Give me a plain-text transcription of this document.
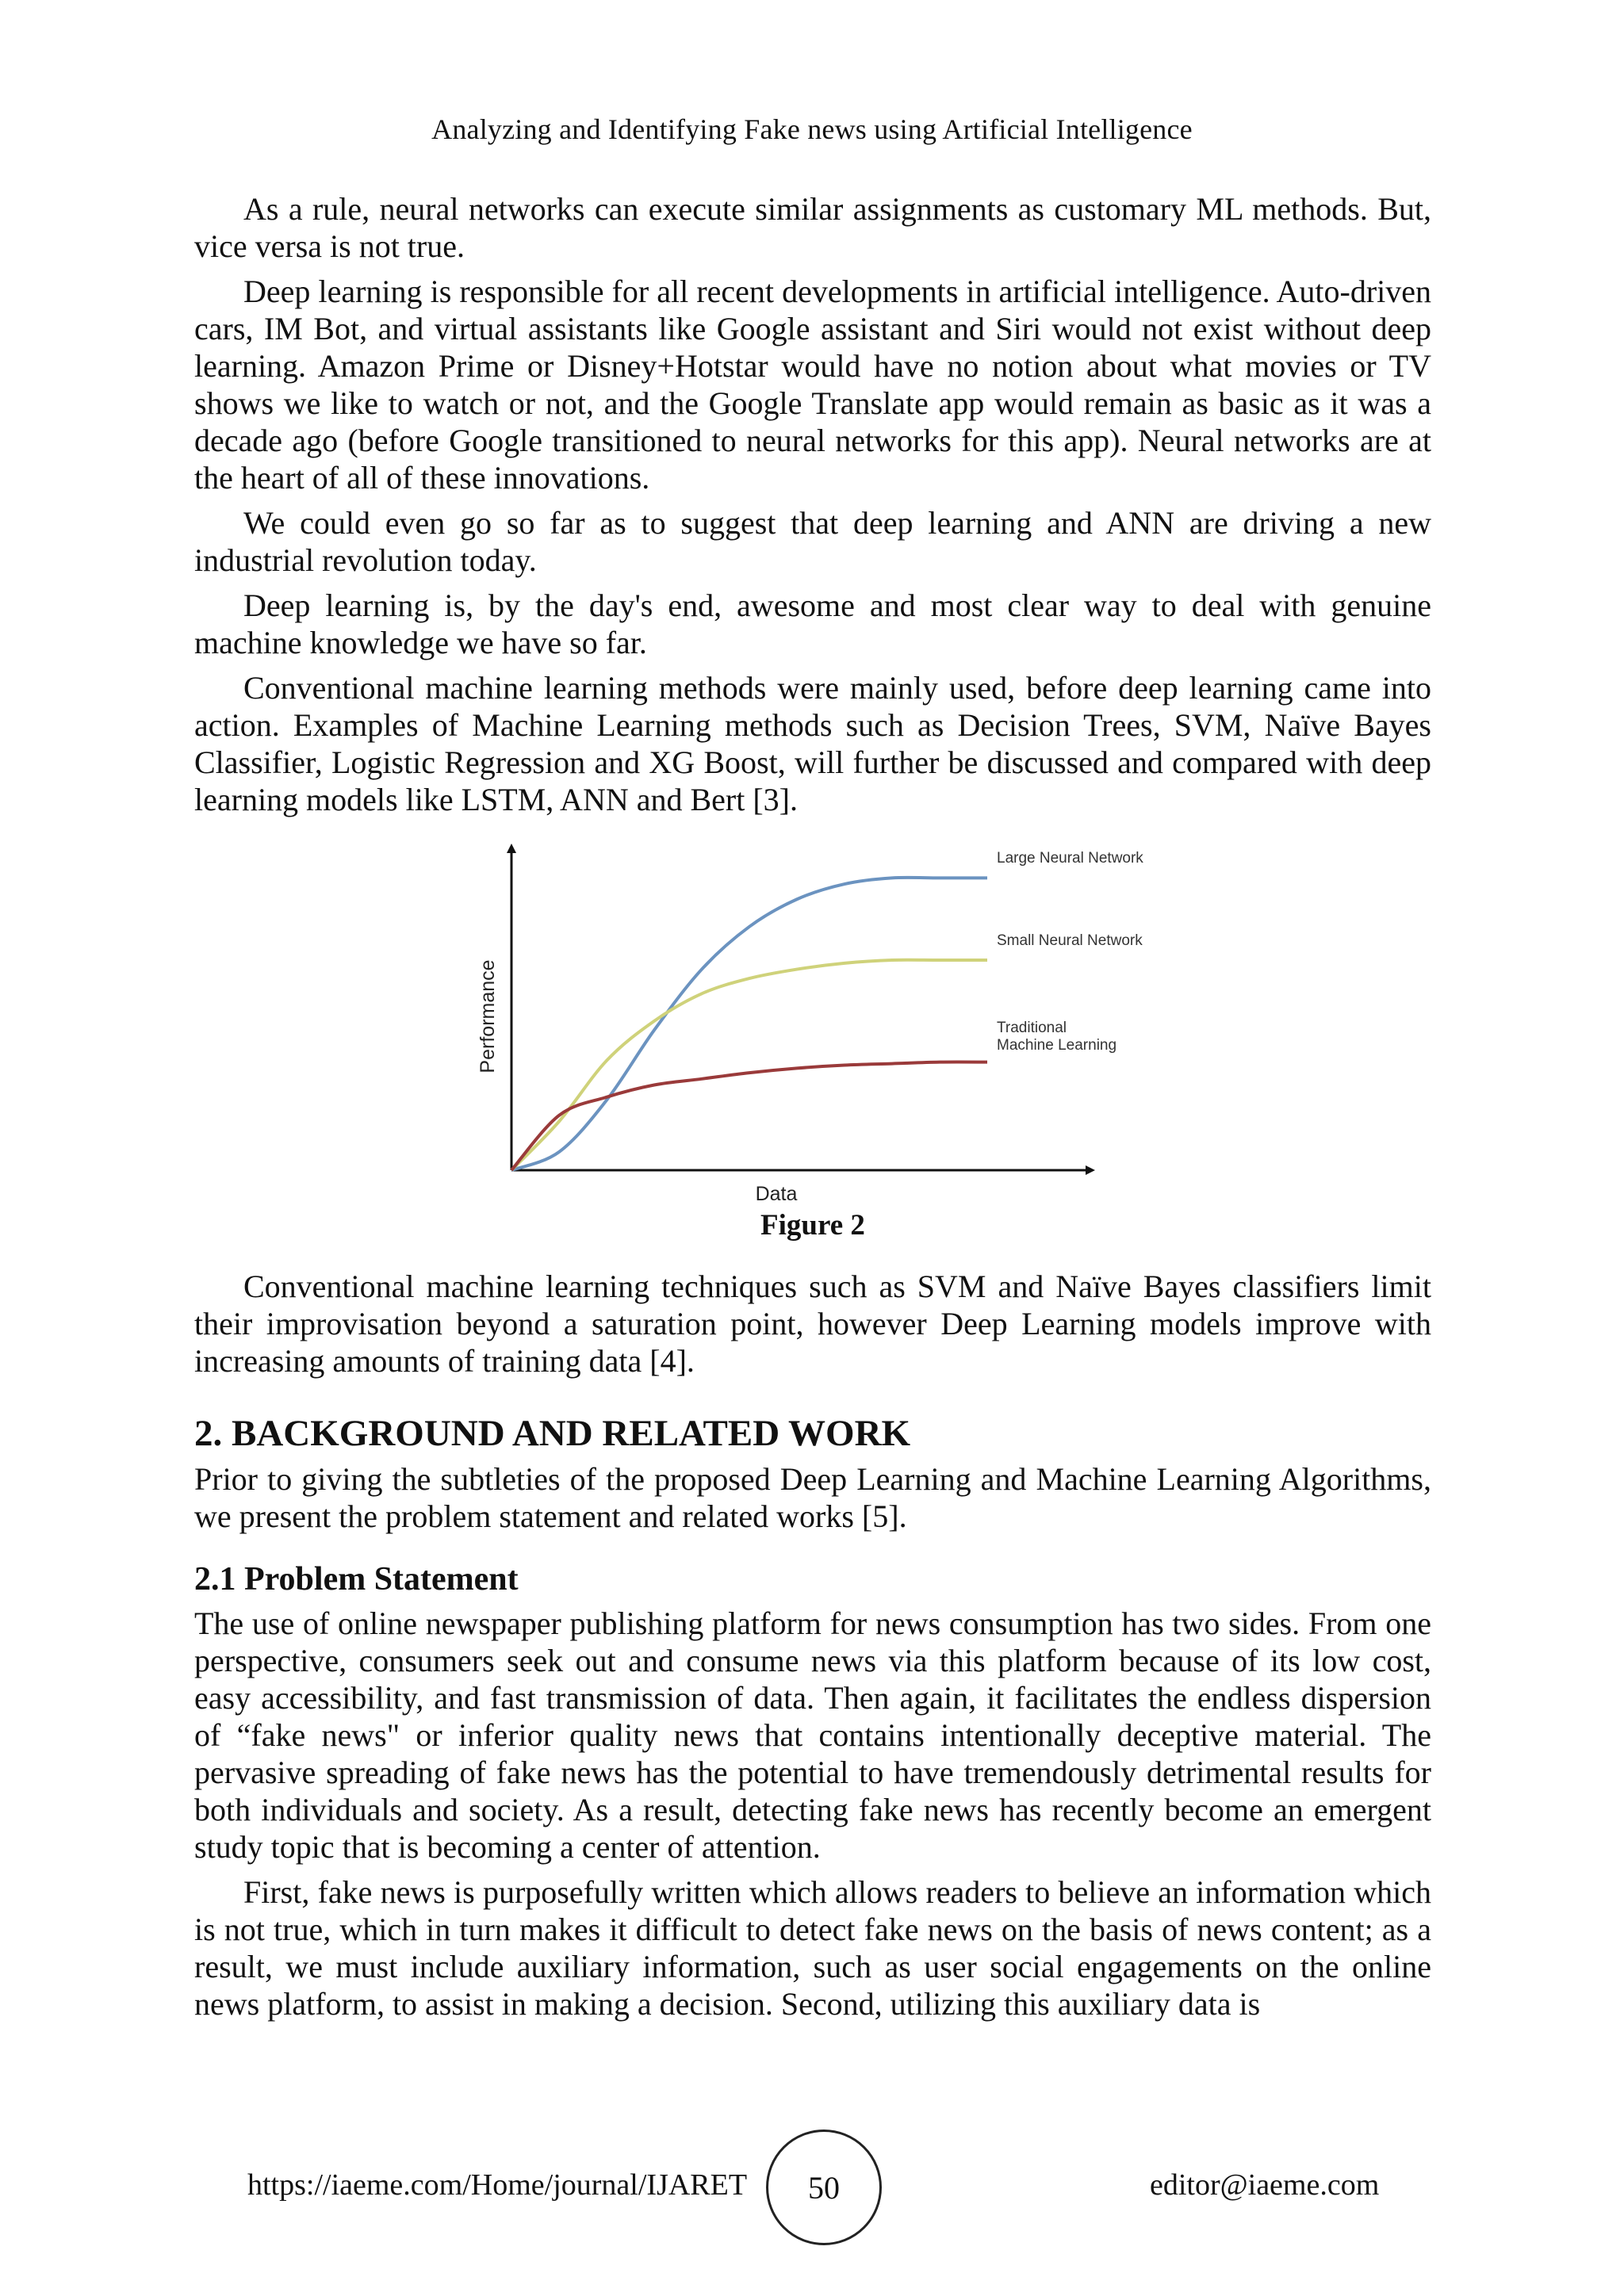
Analyzing and Identifying Fake news using Artificial Intelligence

As a rule, neural networks can execute similar assignments as customary ML methods. But, vice versa is not true.

Deep learning is responsible for all recent developments in artificial intelligence. Auto-driven cars, IM Bot, and virtual assistants like Google assistant and Siri would not exist without deep learning. Amazon Prime or Disney+Hotstar would have no notion about what movies or TV shows we like to watch or not, and the Google Translate app would remain as basic as it was a decade ago (before Google transitioned to neural networks for this app). Neural networks are at the heart of all of these innovations.

We could even go so far as to suggest that deep learning and ANN are driving a new industrial revolution today.

Deep learning is, by the day's end, awesome and most clear way to deal with genuine machine knowledge we have so far.

Conventional machine learning methods were mainly used, before deep learning came into action. Examples of Machine Learning methods such as Decision Trees, SVM, Naïve Bayes Classifier, Logistic Regression and XG Boost, will further be discussed and compared with deep learning models like LSTM, ANN and Bert [3].

Performance
Data
Large Neural Network
Small Neural Network
Traditional
Machine Learning

Figure 2

Conventional machine learning techniques such as SVM and Naïve Bayes classifiers limit their improvisation beyond a saturation point, however Deep Learning models improve with increasing amounts of training data [4].

2. BACKGROUND AND RELATED WORK

Prior to giving the subtleties of the proposed Deep Learning and Machine Learning Algorithms, we present the problem statement and related works [5].

2.1 Problem Statement

The use of online newspaper publishing platform for news consumption has two sides. From one perspective, consumers seek out and consume news via this platform because of its low cost, easy accessibility, and fast transmission of data. Then again, it facilitates the endless dispersion of “fake news" or inferior quality news that contains intentionally deceptive material. The pervasive spreading of fake news has the potential to have tremendously detrimental results for both individuals and society. As a result, detecting fake news has recently become an emergent study topic that is becoming a center of attention.

First, fake news is purposefully written which allows readers to believe an information which is not true, which in turn makes it difficult to detect fake news on the basis of news content; as a result, we must include auxiliary information, such as user social engagements on the online news platform, to assist in making a decision. Second, utilizing this auxiliary data is

https://iaeme.com/Home/journal/IJARET 50	editor@iaeme.com
